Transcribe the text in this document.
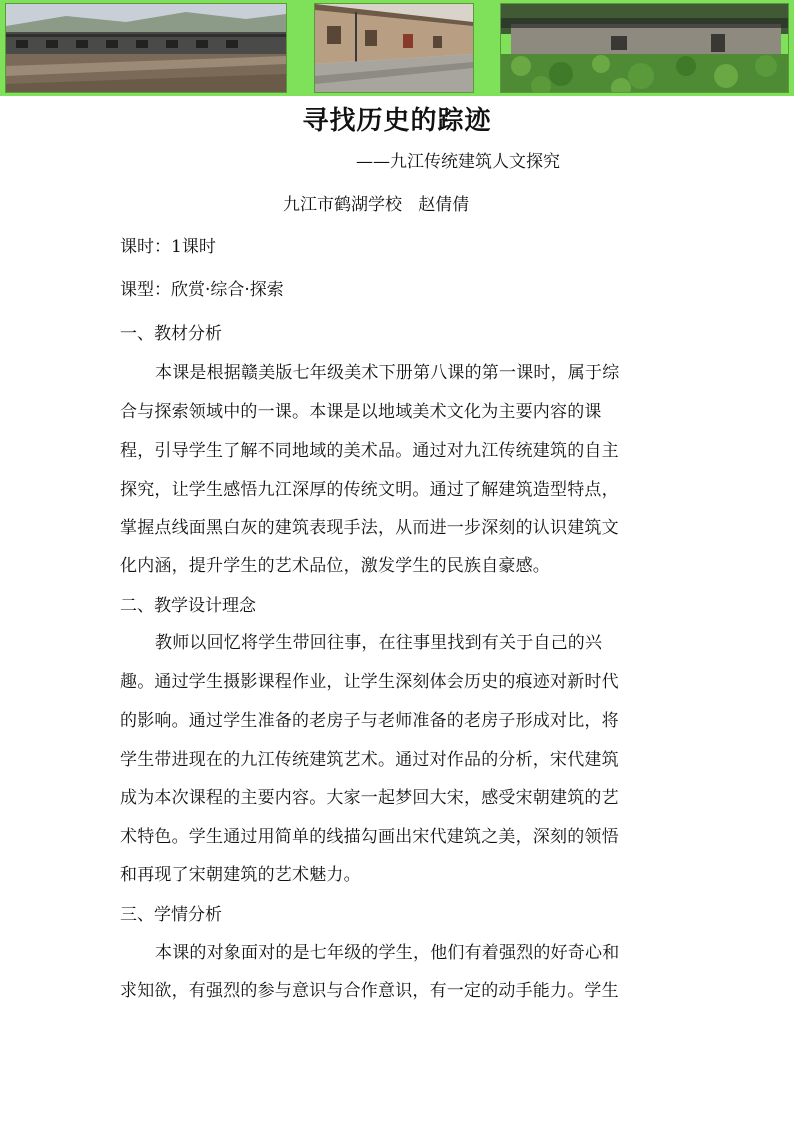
寻找历史的踪迹
——九江传统建筑人文探究
九江市鹤湖学校   赵倩倩
课时：1课时
课型：欣赏·综合·探索
一、教材分析
本课是根据赣美版七年级美术下册第八课的第一课时，属于综
合与探索领域中的一课。本课是以地域美术文化为主要内容的课
程，引导学生了解不同地域的美术品。通过对九江传统建筑的自主
探究，让学生感悟九江深厚的传统文明。通过了解建筑造型特点，
掌握点线面黑白灰的建筑表现手法，从而进一步深刻的认识建筑文
化内涵，提升学生的艺术品位，激发学生的民族自豪感。
二、教学设计理念
教师以回忆将学生带回往事，在往事里找到有关于自己的兴
趣。通过学生摄影课程作业，让学生深刻体会历史的痕迹对新时代
的影响。通过学生准备的老房子与老师准备的老房子形成对比，将
学生带进现在的九江传统建筑艺术。通过对作品的分析，宋代建筑
成为本次课程的主要内容。大家一起梦回大宋，感受宋朝建筑的艺
术特色。学生通过用简单的线描勾画出宋代建筑之美，深刻的领悟
和再现了宋朝建筑的艺术魅力。
三、学情分析
本课的对象面对的是七年级的学生，他们有着强烈的好奇心和
求知欲，有强烈的参与意识与合作意识，有一定的动手能力。学生
